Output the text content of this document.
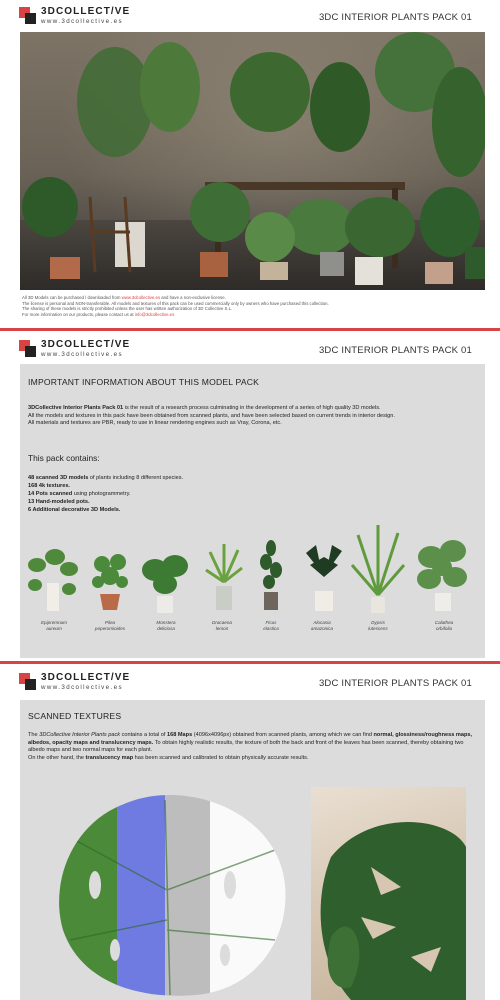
3DCOLLECT/VE
www.3dcollective.es	3DC INTERIOR PLANTS PACK 01
All 3D Models can be purchased / downloaded from www.3dcollective.es and have a non-exclusive license.
The license is personal and NON-transferable. All models and textures of this pack can be used commercially only by owners who have purchased this collection.
The sharing of these models is strictly prohibited unless the user has written authorization of 3D Collective S.L.
For more information on our products, please contact us at info@3dcollective.es
3DCOLLECT/VE
www.3dcollective.es	3DC INTERIOR PLANTS PACK 01
IMPORTANT INFORMATION ABOUT THIS MODEL PACK
3DCollective Interior Plants Pack 01 is the result of a research process culminating in the development of a series of high quality 3D models.
All the models and textures in this pack have been obtained from scanned plants, and have been selected based on current trends in interior design.
All materials and textures are PBR, ready to use in linear rendering engines such as Vray, Corona, etc.
This pack contains:
48 scanned 3D models of plants including 8 different species.
168 4k textures.
14 Pots scanned using photogrammetry.
13 Hand-modeled pots.
6 Additional decorative 3D Models.
Epipremnum
aureum
Pilea
peperomioides
Monstera
deliciosa
Dracaena
lemon
Ficus
elastica
Alocasia
amazonica
Dypsis
lutescens
Calathea
orbifolia
3DCOLLECT/VE
www.3dcollective.es	3DC INTERIOR PLANTS PACK 01
SCANNED TEXTURES
The 3DCollective Interior Plants pack contains a total of 168 Maps (4096x4096px) obtained from scanned plants, among which we can find normal, glossiness/roughness maps, albedos, opacity maps and translucency maps. To obtain highly realistic results, the texture of both the back and front of the leaves has been scanned, thereby obtaining two albedo maps and two normal maps for each plant.
On the other hand, the translucency map has been scanned and calibrated to obtain physically accurate results.
